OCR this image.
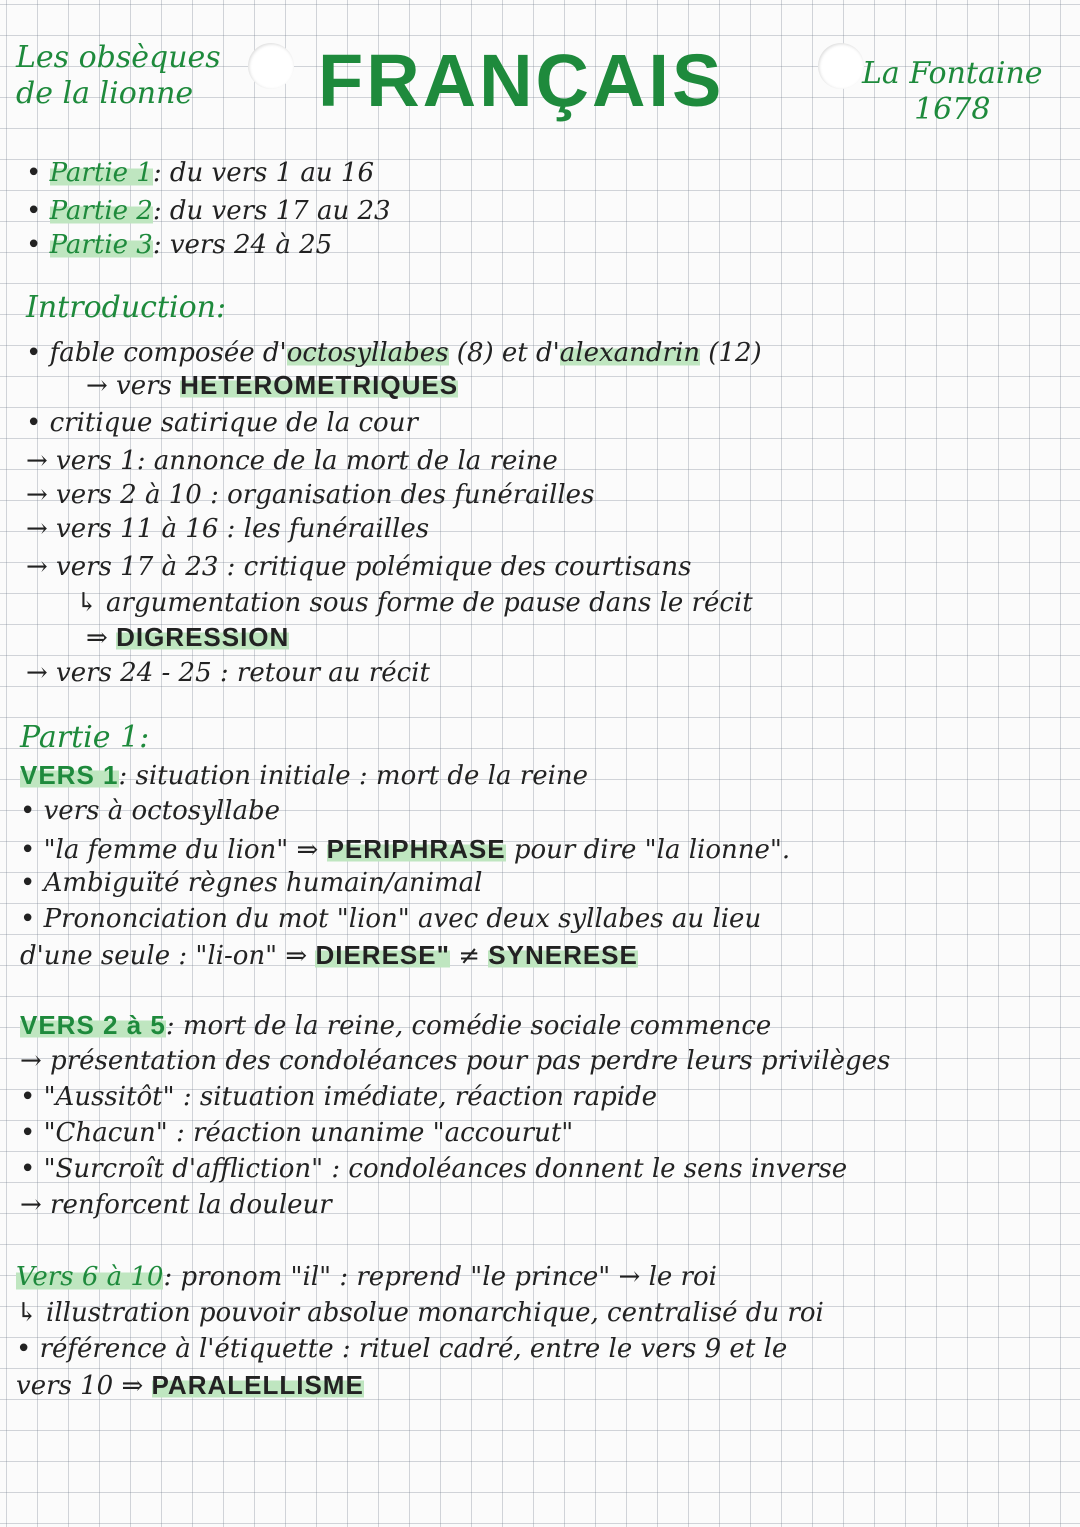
Les obsèques
de la lionne	FRANÇAIS	La Fontaine
1678
• Partie 1: du vers 1 au 16
• Partie 2: du vers 17 au 23
• Partie 3: vers 24 à 25
Introduction:
• fable composée d'octosyllabes (8) et d'alexandrin (12)
→ vers HETEROMETRIQUES
• critique satirique de la cour
→ vers 1: annonce de la mort de la reine
→ vers 2 à 10 : organisation des funérailles
→ vers 11 à 16 : les funérailles
→ vers 17 à 23 : critique polémique des courtisans
↳ argumentation sous forme de pause dans le récit
⇒ DIGRESSION
→ vers 24 - 25 : retour au récit
Partie 1:
VERS 1: situation initiale : mort de la reine
• vers à octosyllabe
• "la femme du lion" ⇒ PERIPHRASE pour dire "la lionne".
• Ambiguïté règnes humain/animal
• Prononciation du mot "lion" avec deux syllabes au lieu
d'une seule : "li-on" ⇒ DIERESE" ≠ SYNERESE
VERS 2 à 5: mort de la reine, comédie sociale commence
→ présentation des condoléances pour pas perdre leurs privilèges
• "Aussitôt" : situation imédiate, réaction rapide
• "Chacun" : réaction unanime "accourut"
• "Surcroît d'affliction" : condoléances donnent le sens inverse
→ renforcent la douleur
Vers 6 à 10: pronom "il" : reprend "le prince" → le roi
↳ illustration pouvoir absolue monarchique, centralisé du roi
• référence à l'étiquette : rituel cadré, entre le vers 9 et le
vers 10 ⇒ PARALELLISME
